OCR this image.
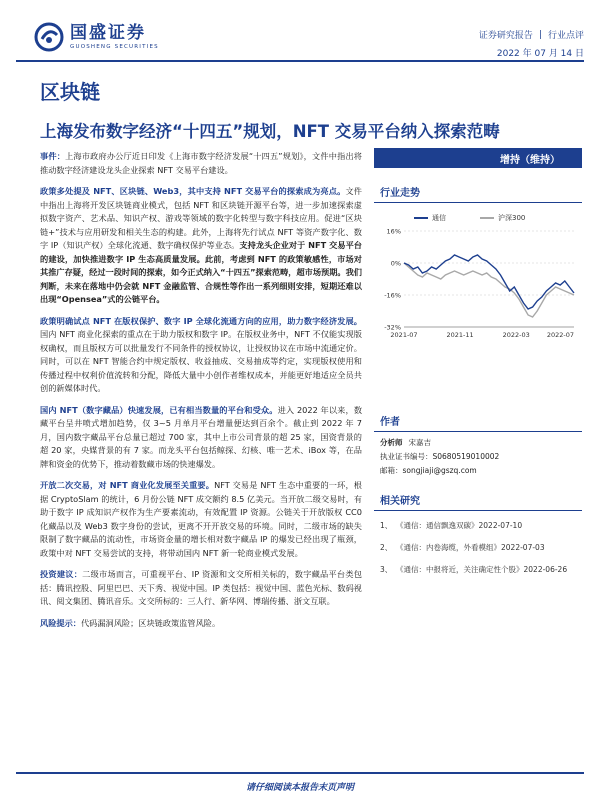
国盛证券
GUOSHENG SECURITIES
证券研究报告 | 行业点评
2022 年 07 月 14 日
区块链
上海发布数字经济“十四五”规划，NFT 交易平台纳入探索范畴

事件：上海市政府办公厅近日印发《上海市数字经济发展“十四五”规划》，文件中指出将推动数字经济建设龙头企业探索 NFT 交易平台建设。

政策多处提及 NFT、区块链、Web3，其中支持 NFT 交易平台的探索成为亮点。文件中指出上海将开发区块链商业模式，包括 NFT 和区块链开源平台等，进一步加速探索虚拟数字资产、艺术品、知识产权、游戏等领域的数字化转型与数字科技应用。促进“区块链+”技术与应用研发和相关生态的构建。此外，上海将先行试点 NFT 等资产数字化、数字 IP（知识产权）全球化流通、数字确权保护等业态。支持龙头企业对于 NFT 交易平台的建设，加快推进数字 IP 生态高质量发展。此前，考虑到 NFT 的政策敏感性，市场对其推广存疑，经过一段时间的探索，如今正式纳入“十四五”探索范畴，超市场预期。我们判断，未来在落地中仍会就 NFT 金融监管、合规性等作出一系列细则安排，短期还难以出现“Opensea”式的公链平台。

政策明确试点 NFT 在版权保护、数字 IP 全球化流通方向的应用，助力数字经济发展。国内 NFT 商业化探索的重点在于助力版权和数字 IP。在版权业务中，NFT 不仅能实现版权确权，而且版权方可以批量发行不同条件的授权协议，让授权协议在市场中流通定价。同时，可以在 NFT 智能合约中规定版权、收益抽成、交易抽成等约定，实现版权使用和传播过程中权利价值流转和分配，降低大量中小创作者维权成本，并能更好地适应全员共创的新媒体时代。

国内 NFT（数字藏品）快速发展，已有相当数量的平台和受众。进入 2022 年以来，数藏平台呈井喷式增加趋势，仅 3~5 月单月平台增量便达到百余个。截止到 2022 年 7 月，国内数字藏品平台总量已超过 700 家，其中上市公司背景的超 25 家，国资背景的超 20 家，央媒背景的有 7 家。而龙头平台包括鲸探、幻核、唯一艺术、iBox 等，在品牌和资金的优势下，推动着数藏市场的快速爆发。

开放二次交易，对 NFT 商业化发展至关重要。NFT 交易是 NFT 生态中重要的一环，根据 CryptoSlam 的统计，6 月份公链 NFT 成交额约 8.5 亿美元。当开放二级交易时，有助于数字 IP 成知识产权作为生产要素流动，有效配置 IP 资源。公链关于开放版权 CC0 化藏品以及 Web3 数字身份的尝试，更离不开开放交易的环境。同时，二级市场的缺失限制了数字藏品的流动性，市场资金量的增长相对数字藏品 IP 的爆发已经出现了瓶颈，政策中对 NFT 交易尝试的支持，将带动国内 NFT 新一轮商业模式发展。

投资建议：二级市场而言，可重视平台、IP 资源和文交所相关标的，数字藏品平台类包括：腾讯控股、阿里巴巴、天下秀、视觉中国。IP 类包括：视觉中国、蓝色光标、数码视讯、阅文集团、腾讯音乐。文交所标的：三人行、新华网、博瑞传播、浙文互联。

风险提示：代码漏洞风险；区块链政策监管风险。

增持（维持）
行业走势
通信	沪深300
16%
0%
-16%
-32%
2021-07	2021-11	2022-03	2022-07
作者
分析师 宋嘉吉
执业证书编号：S0680519010002
邮箱：songjiaji@gszq.com
相关研究
1、 《通信：通信飘逸双碳》2022-07-10
2、 《通信：内卷海缆，外看模组》2022-07-03
3、 《通信：中报将近，关注确定性个股》2022-06-26
请仔细阅读本报告末页声明
